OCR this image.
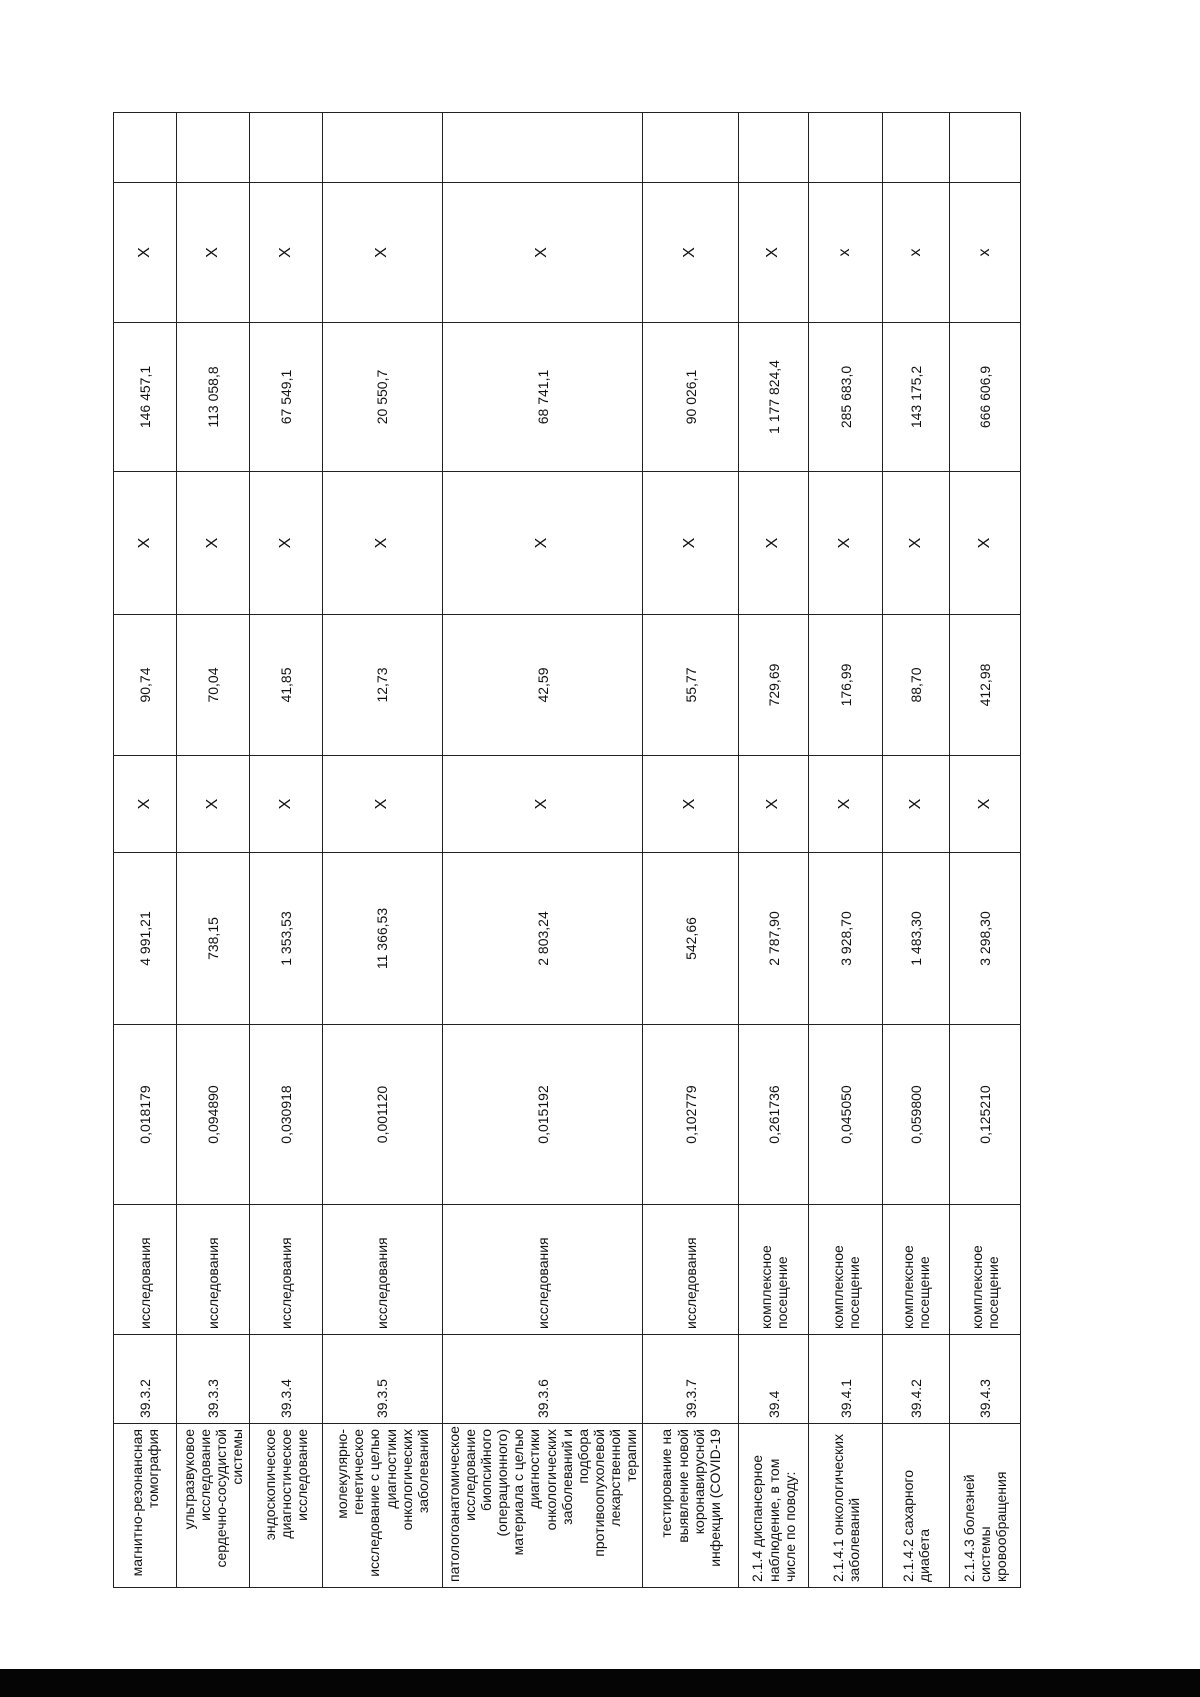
магнитно-резонансная томография	39.3.2	исследования	0,018179	4 991,21	X	90,74	X	146 457,1	X	
ультразвуковое исследование сердечно-сосудистой системы	39.3.3	исследования	0,094890	738,15	X	70,04	X	113 058,8	X	
эндоскопическое диагностическое исследование	39.3.4	исследования	0,030918	1 353,53	X	41,85	X	67 549,1	X	
молекулярно-генетическое исследование с целью диагностики онкологических заболеваний	39.3.5	исследования	0,001120	11 366,53	X	12,73	X	20 550,7	X	
патологоанатомическое исследование биопсийного (операционного) материала с целью диагностики онкологических заболеваний и подбора противоопухолевой лекарственной терапии	39.3.6	исследования	0,015192	2 803,24	X	42,59	X	68 741,1	X	
тестирование на выявление новой коронавирусной инфекции (COVID-19	39.3.7	исследования	0,102779	542,66	X	55,77	X	90 026,1	X	
2.1.4 диспансерное наблюдение, в том числе по поводу:	39.4	комплексное посещение	0,261736	2 787,90	X	729,69	X	1 177 824,4	X	
2.1.4.1 онкологических заболеваний	39.4.1	комплексное посещение	0,045050	3 928,70	X	176,99	X	285 683,0	x	
2.1.4.2 сахарного диабета	39.4.2	комплексное посещение	0,059800	1 483,30	X	88,70	X	143 175,2	x	
2.1.4.3 болезней системы кровообращения	39.4.3	комплексное посещение	0,125210	3 298,30	X	412,98	X	666 606,9	x	
